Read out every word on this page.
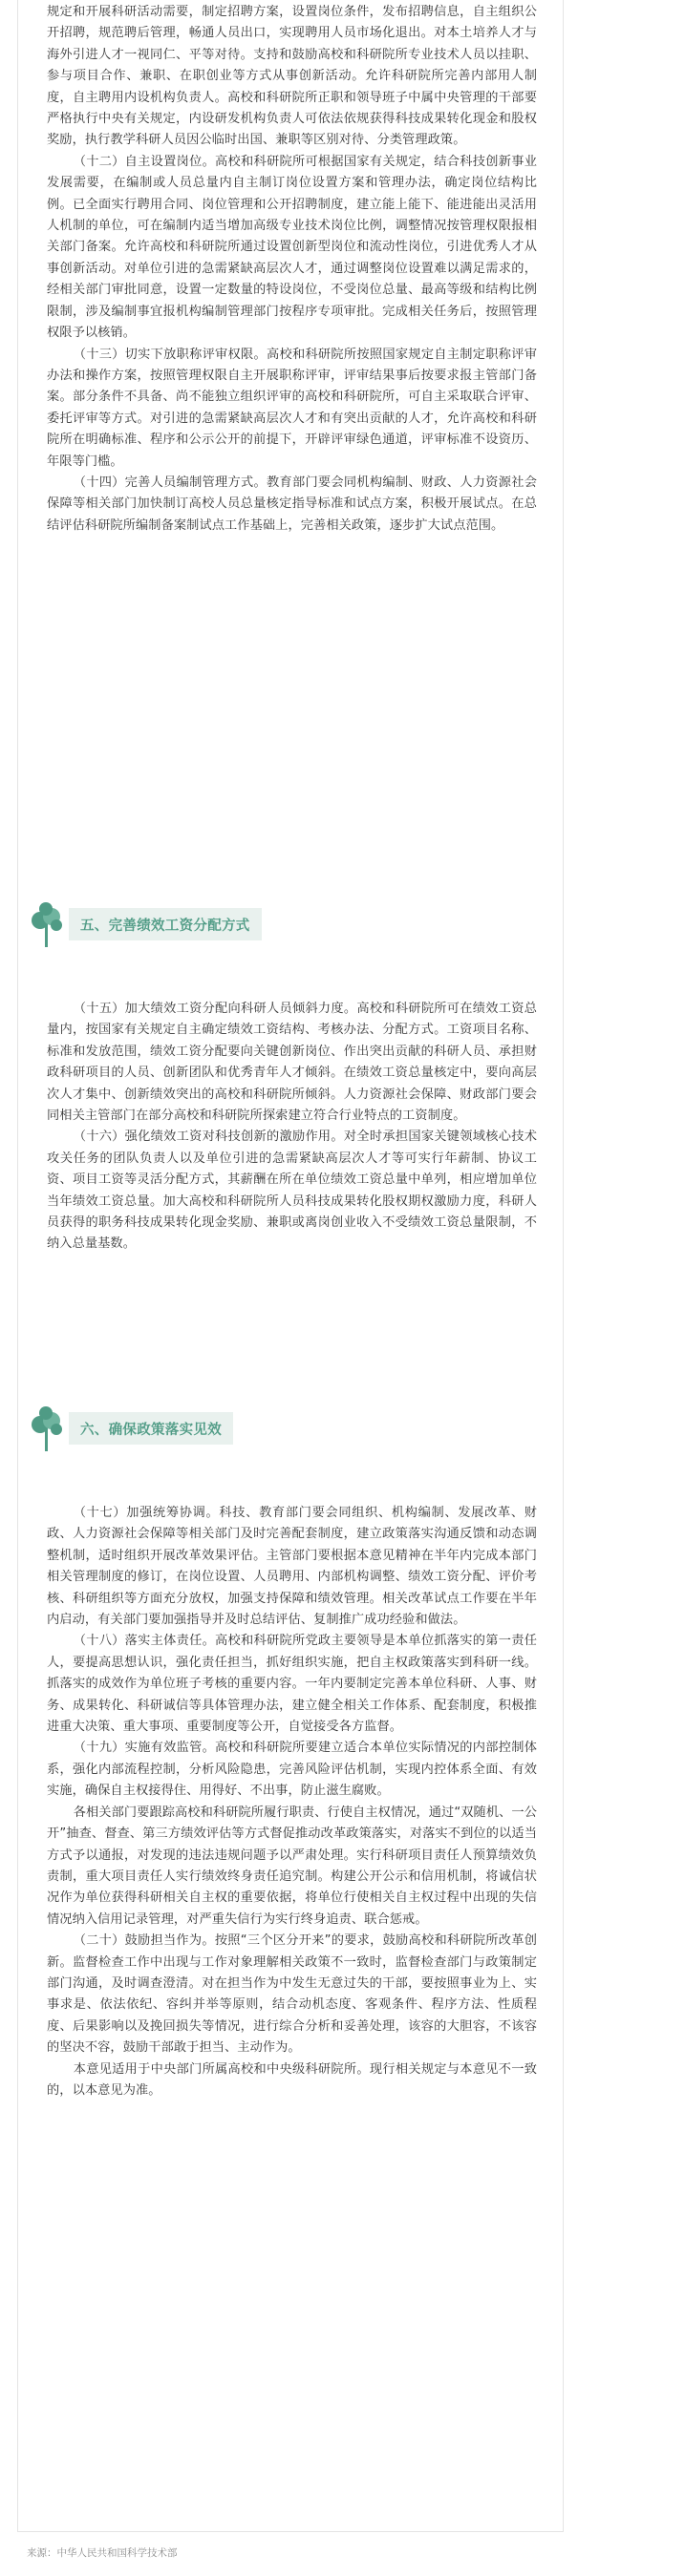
规定和开展科研活动需要，制定招聘方案，设置岗位条件，发布招聘信息，自主组织公开招聘，规范聘后管理，畅通人员出口，实现聘用人员市场化退出。对本土培养人才与海外引进人才一视同仁、平等对待。支持和鼓励高校和科研院所专业技术人员以挂职、参与项目合作、兼职、在职创业等方式从事创新活动。允许科研院所完善内部用人制度，自主聘用内设机构负责人。高校和科研院所正职和领导班子中属中央管理的干部要严格执行中央有关规定，内设研发机构负责人可依法依规获得科技成果转化现金和股权奖励，执行教学科研人员因公临时出国、兼职等区别对待、分类管理政策。

（十二）自主设置岗位。高校和科研院所可根据国家有关规定，结合科技创新事业发展需要，在编制或人员总量内自主制订岗位设置方案和管理办法，确定岗位结构比例。已全面实行聘用合同、岗位管理和公开招聘制度，建立能上能下、能进能出灵活用人机制的单位，可在编制内适当增加高级专业技术岗位比例，调整情况按管理权限报相关部门备案。允许高校和科研院所通过设置创新型岗位和流动性岗位，引进优秀人才从事创新活动。对单位引进的急需紧缺高层次人才，通过调整岗位设置难以满足需求的，经相关部门审批同意，设置一定数量的特设岗位，不受岗位总量、最高等级和结构比例限制，涉及编制事宜报机构编制管理部门按程序专项审批。完成相关任务后，按照管理权限予以核销。

（十三）切实下放职称评审权限。高校和科研院所按照国家规定自主制定职称评审办法和操作方案，按照管理权限自主开展职称评审，评审结果事后按要求报主管部门备案。部分条件不具备、尚不能独立组织评审的高校和科研院所，可自主采取联合评审、委托评审等方式。对引进的急需紧缺高层次人才和有突出贡献的人才，允许高校和科研院所在明确标准、程序和公示公开的前提下，开辟评审绿色通道，评审标准不设资历、年限等门槛。

（十四）完善人员编制管理方式。教育部门要会同机构编制、财政、人力资源社会保障等相关部门加快制订高校人员总量核定指导标准和试点方案，积极开展试点。在总结评估科研院所编制备案制试点工作基础上，完善相关政策，逐步扩大试点范围。

五、完善绩效工资分配方式

（十五）加大绩效工资分配向科研人员倾斜力度。高校和科研院所可在绩效工资总量内，按国家有关规定自主确定绩效工资结构、考核办法、分配方式。工资项目名称、标准和发放范围，绩效工资分配要向关键创新岗位、作出突出贡献的科研人员、承担财政科研项目的人员、创新团队和优秀青年人才倾斜。在绩效工资总量核定中，要向高层次人才集中、创新绩效突出的高校和科研院所倾斜。人力资源社会保障、财政部门要会同相关主管部门在部分高校和科研院所探索建立符合行业特点的工资制度。

（十六）强化绩效工资对科技创新的激励作用。对全时承担国家关键领域核心技术攻关任务的团队负责人以及单位引进的急需紧缺高层次人才等可实行年薪制、协议工资、项目工资等灵活分配方式，其薪酬在所在单位绩效工资总量中单列，相应增加单位当年绩效工资总量。加大高校和科研院所人员科技成果转化股权期权激励力度，科研人员获得的职务科技成果转化现金奖励、兼职或离岗创业收入不受绩效工资总量限制，不纳入总量基数。

六、确保政策落实见效

（十七）加强统筹协调。科技、教育部门要会同组织、机构编制、发展改革、财政、人力资源社会保障等相关部门及时完善配套制度，建立政策落实沟通反馈和动态调整机制，适时组织开展改革效果评估。主管部门要根据本意见精神在半年内完成本部门相关管理制度的修订，在岗位设置、人员聘用、内部机构调整、绩效工资分配、评价考核、科研组织等方面充分放权，加强支持保障和绩效管理。相关改革试点工作要在半年内启动，有关部门要加强指导并及时总结评估、复制推广成功经验和做法。

（十八）落实主体责任。高校和科研院所党政主要领导是本单位抓落实的第一责任人，要提高思想认识，强化责任担当，抓好组织实施，把自主权政策落实到科研一线。抓落实的成效作为单位班子考核的重要内容。一年内要制定完善本单位科研、人事、财务、成果转化、科研诚信等具体管理办法，建立健全相关工作体系、配套制度，积极推进重大决策、重大事项、重要制度等公开，自觉接受各方监督。

（十九）实施有效监管。高校和科研院所要建立适合本单位实际情况的内部控制体系，强化内部流程控制，分析风险隐患，完善风险评估机制，实现内控体系全面、有效实施，确保自主权接得住、用得好、不出事，防止滋生腐败。

各相关部门要跟踪高校和科研院所履行职责、行使自主权情况，通过“双随机、一公开”抽查、督查、第三方绩效评估等方式督促推动改革政策落实，对落实不到位的以适当方式予以通报，对发现的违法违规问题予以严肃处理。实行科研项目责任人预算绩效负责制，重大项目责任人实行绩效终身责任追究制。构建公开公示和信用机制，将诚信状况作为单位获得科研相关自主权的重要依据，将单位行使相关自主权过程中出现的失信情况纳入信用记录管理，对严重失信行为实行终身追责、联合惩戒。

（二十）鼓励担当作为。按照“三个区分开来”的要求，鼓励高校和科研院所改革创新。监督检查工作中出现与工作对象理解相关政策不一致时，监督检查部门与政策制定部门沟通，及时调查澄清。对在担当作为中发生无意过失的干部，要按照事业为上、实事求是、依法依纪、容纠并举等原则，结合动机态度、客观条件、程序方法、性质程度、后果影响以及挽回损失等情况，进行综合分析和妥善处理，该容的大胆容，不该容的坚决不容，鼓励干部敢于担当、主动作为。

本意见适用于中央部门所属高校和中央级科研院所。现行相关规定与本意见不一致的，以本意见为准。

来源：中华人民共和国科学技术部
